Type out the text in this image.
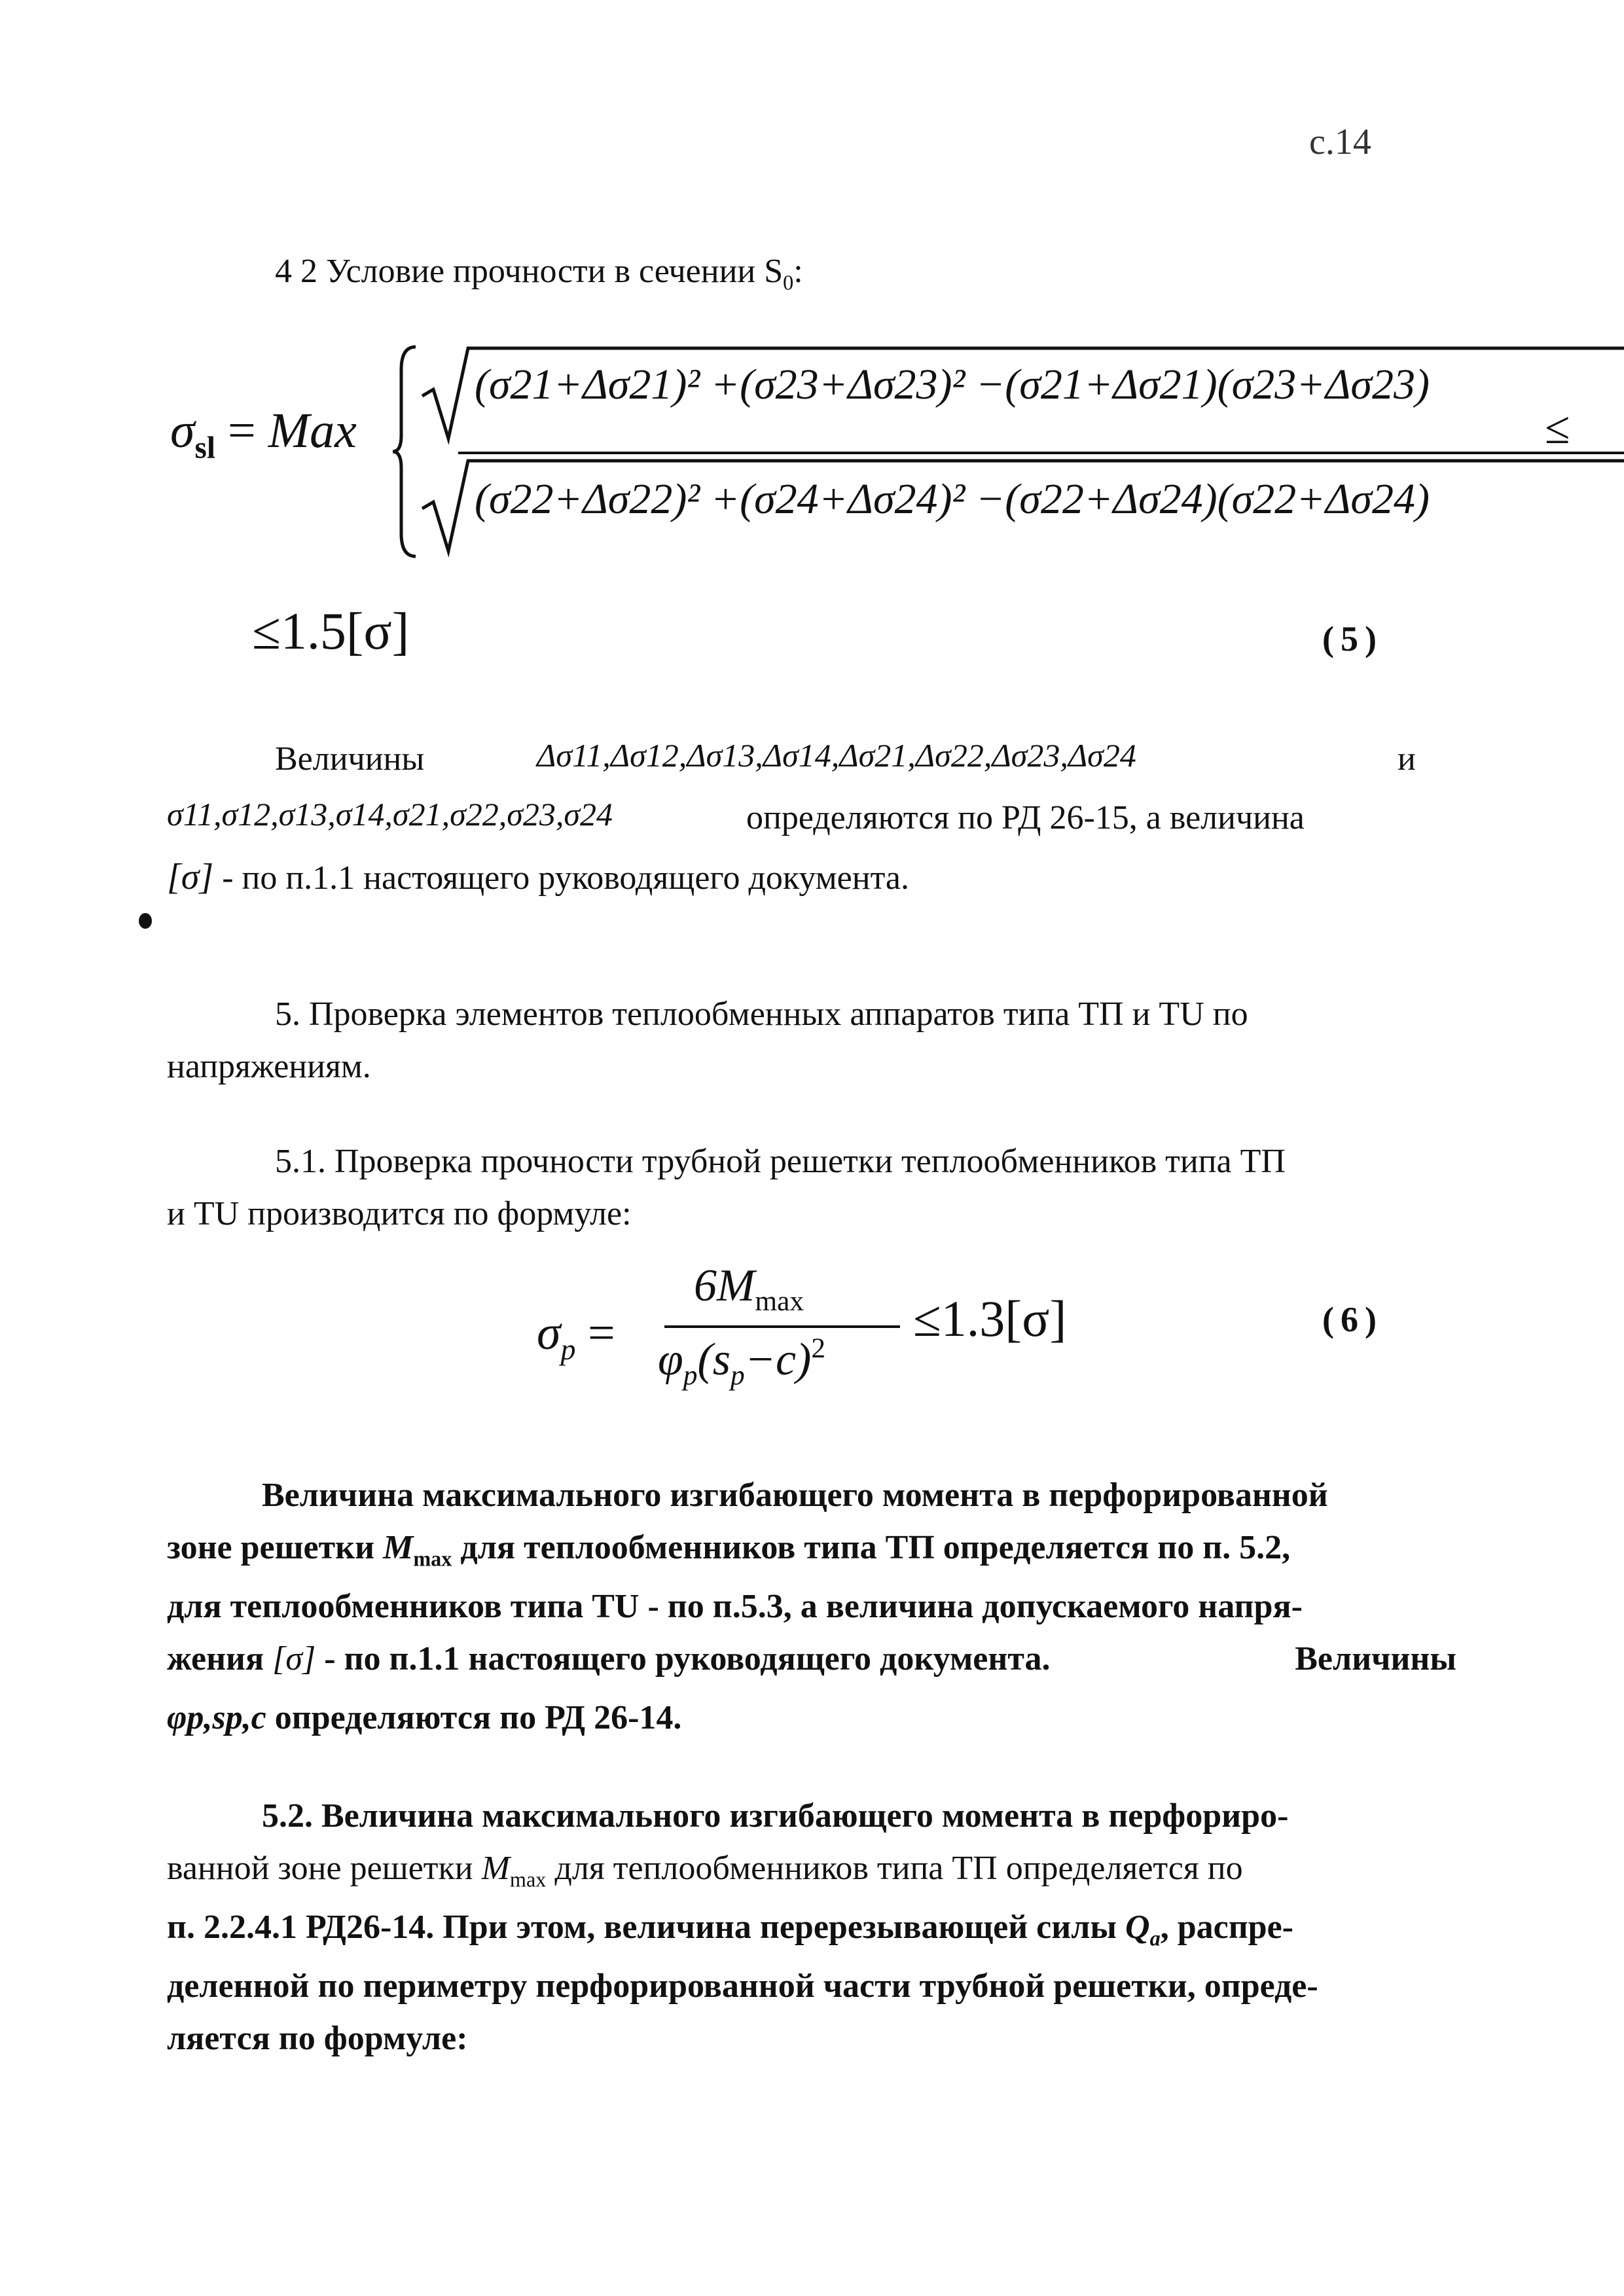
с.14
4 2 Условие прочности в сечении $S_0$:
$\sigma_{sl}$ = Max
(σ21+Δσ21)² +(σ23+Δσ23)² −(σ21+Δσ21)(σ23+Δσ23)
(σ22+Δσ22)² +(σ24+Δσ24)² −(σ22+Δσ24)(σ22+Δσ24)
≤
≤1.5[σ]	(5)
Величины	Δσ11,Δσ12,Δσ13,Δσ14,Δσ21,Δσ22,Δσ23,Δσ24	и
σ11,σ12,σ13,σ14,σ21,σ22,σ23,σ24	определяются по РД 26-15, а величина
[σ] - по п.1.1 настоящего руководящего документа.
5. Проверка элементов теплообменных аппаратов типа ТП и TU по
напряжениям.
5.1. Проверка прочности трубной решетки теплообменников типа ТП
и TU производится по формуле:
$\sigma_p$ =
$6M_{max}$
$\varphi_p(s_p-c)^2$
≤1.3[σ]	(6)
Величина максимального изгибающего момента в перфорированной
зоне решетки $M_{max}$ для теплообменников типа ТП определяется по п. 5.2,
для теплообменников типа TU - по п.5.3, а величина допускаемого напря-
жения [σ] - по п.1.1 настоящего руководящего документа.	Величины
φp,sp,c определяются по РД 26-14.
5.2. Величина максимального изгибающего момента в перфориро-
ванной зоне решетки $M_{max}$ для теплообменников типа ТП определяется по
п. 2.2.4.1 РД26-14. При этом, величина перерезывающей силы $Q_a$, распре-
деленной по периметру перфорированной части трубной решетки, опреде-
ляется по формуле:
